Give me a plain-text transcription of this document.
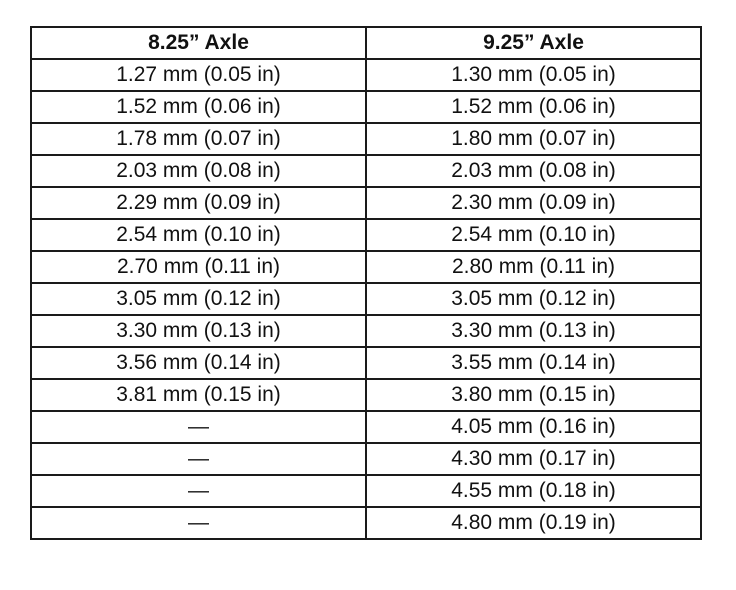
8.25” Axle	9.25” Axle
1.27 mm (0.05 in)	1.30 mm (0.05 in)
1.52 mm (0.06 in)	1.52 mm (0.06 in)
1.78 mm (0.07 in)	1.80 mm (0.07 in)
2.03 mm (0.08 in)	2.03 mm (0.08 in)
2.29 mm (0.09 in)	2.30 mm (0.09 in)
2.54 mm (0.10 in)	2.54 mm (0.10 in)
2.70 mm (0.11 in)	2.80 mm (0.11 in)
3.05 mm (0.12 in)	3.05 mm (0.12 in)
3.30 mm (0.13 in)	3.30 mm (0.13 in)
3.56 mm (0.14 in)	3.55 mm (0.14 in)
3.81 mm (0.15 in)	3.80 mm (0.15 in)
—	4.05 mm (0.16 in)
—	4.30 mm (0.17 in)
—	4.55 mm (0.18 in)
—	4.80 mm (0.19 in)
